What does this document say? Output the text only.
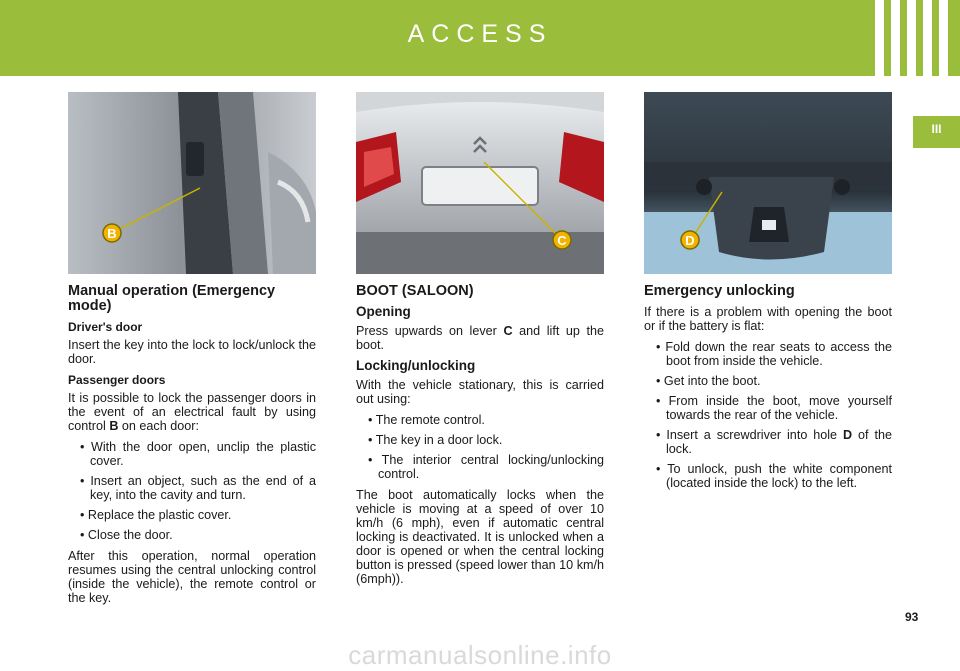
ACCESS
III
B	C	D
Manual operation (Emergency mode)
Driver's door

Insert the key into the lock to lock/unlock the door.

Passenger doors

It is possible to lock the passenger doors in the event of an electrical fault by using control B on each door:

• With the door open, unclip the plastic cover.
• Insert an object, such as the end of a key, into the cavity and turn.
• Replace the plastic cover.
• Close the door.

After this operation, normal operation resumes using the central unlocking control (inside the vehicle), the remote control or the key.

BOOT (SALOON)
Opening

Press upwards on lever C and lift up the boot.

Locking/unlocking

With the vehicle stationary, this is carried out using:

• The remote control.
• The key in a door lock.
• The interior central locking/unlocking control.

The boot automatically locks when the vehicle is moving at a speed of over 10 km/h (6 mph), even if automatic central locking is deactivated. It is unlocked when a door is opened or when the central locking button is pressed (speed lower than 10 km/h (6mph)).

Emergency unlocking

If there is a problem with opening the boot or if the battery is flat:

• Fold down the rear seats to access the boot from inside the vehicle.
• Get into the boot.
• From inside the boot, move yourself towards the rear of the vehicle.
• Insert a screwdriver into hole D of the lock.
• To unlock, push the white component (located inside the lock) to the left.
93
carmanualsonline.info
